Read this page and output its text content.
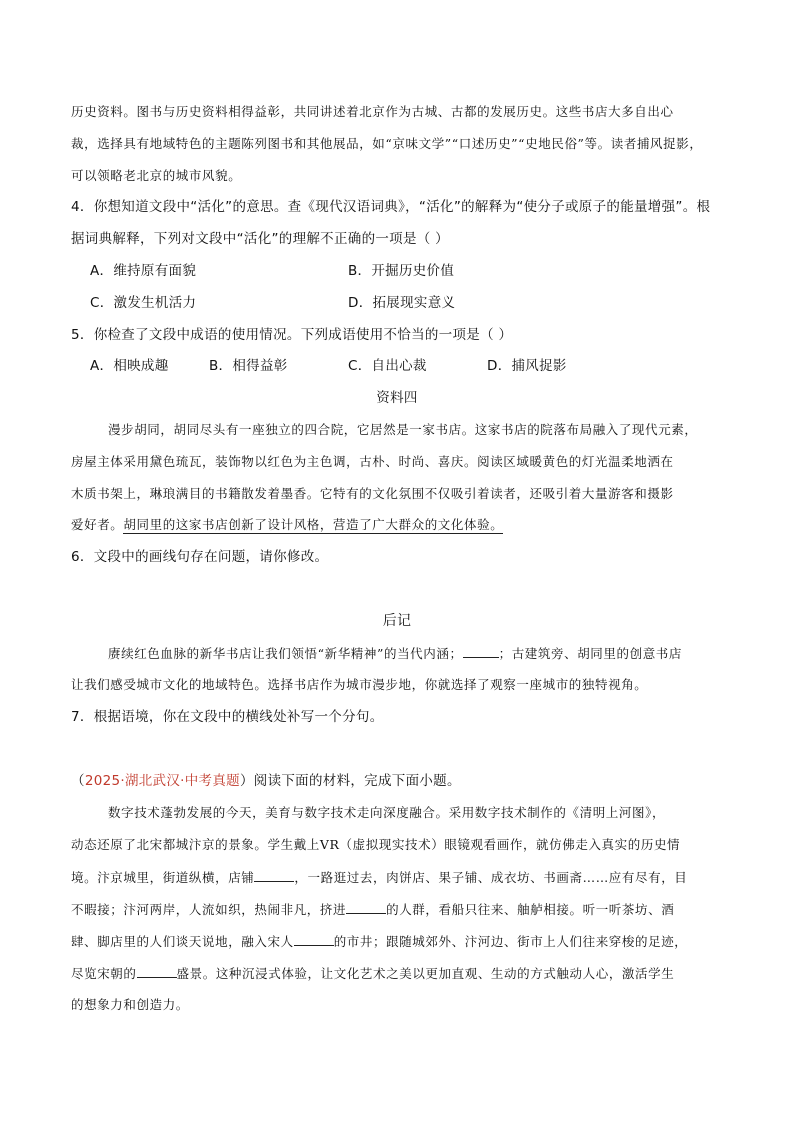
历史资料。图书与历史资料相得益彰，共同讲述着北京作为古城、古都的发展历史。这些书店大多自出心
裁，选择具有地域特色的主题陈列图书和其他展品，如“京味文学”“口述历史”“史地民俗”等。读者捕风捉影，
可以领略老北京的城市风貌。
4．你想知道文段中“活化”的意思。查《现代汉语词典》，“活化”的解释为“使分子或原子的能量增强”。根
据词典解释，下列对文段中“活化”的理解不正确的一项是（ ）
A．维持原有面貌	B．开掘历史价值
C．激发生机活力	D．拓展现实意义
5．你检查了文段中成语的使用情况。下列成语使用不恰当的一项是（ ）
A．相映成趣	B．相得益彰	C．自出心裁	D．捕风捉影
资料四
漫步胡同，胡同尽头有一座独立的四合院，它居然是一家书店。这家书店的院落布局融入了现代元素，
房屋主体采用黛色琉瓦，装饰物以红色为主色调，古朴、时尚、喜庆。阅读区域暖黄色的灯光温柔地洒在
木质书架上，琳琅满目的书籍散发着墨香。它特有的文化氛围不仅吸引着读者，还吸引着大量游客和摄影
爱好者。胡同里的这家书店创新了设计风格，营造了广大群众的文化体验。
6．文段中的画线句存在问题，请你修改。
后记
赓续红色血脉的新华书店让我们领悟“新华精神”的当代内涵；	；古建筑旁、胡同里的创意书店
让我们感受城市文化的地域特色。选择书店作为城市漫步地，你就选择了观察一座城市的独特视角。
7．根据语境，你在文段中的横线处补写一个分句。
（2025·湖北武汉·中考真题）阅读下面的材料，完成下面小题。
数字技术蓬勃发展的今天，美育与数字技术走向深度融合。采用数字技术制作的《清明上河图》，
动态还原了北宋都城汴京的景象。学生戴上VR（虚拟现实技术）眼镜观看画作，就仿佛走入真实的历史情
境。汴京城里，街道纵横，店铺	，一路逛过去，肉饼店、果子铺、成衣坊、书画斋……应有尽有，目
不暇接；汴河两岸，人流如织，热闹非凡，挤进	的人群，看船只往来、舳舻相接。听一听茶坊、酒
肆、脚店里的人们谈天说地，融入宋人	的市井；跟随城郊外、汴河边、街市上人们往来穿梭的足迹，
尽览宋朝的	盛景。这种沉浸式体验，让文化艺术之美以更加直观、生动的方式触动人心，激活学生
的想象力和创造力。
